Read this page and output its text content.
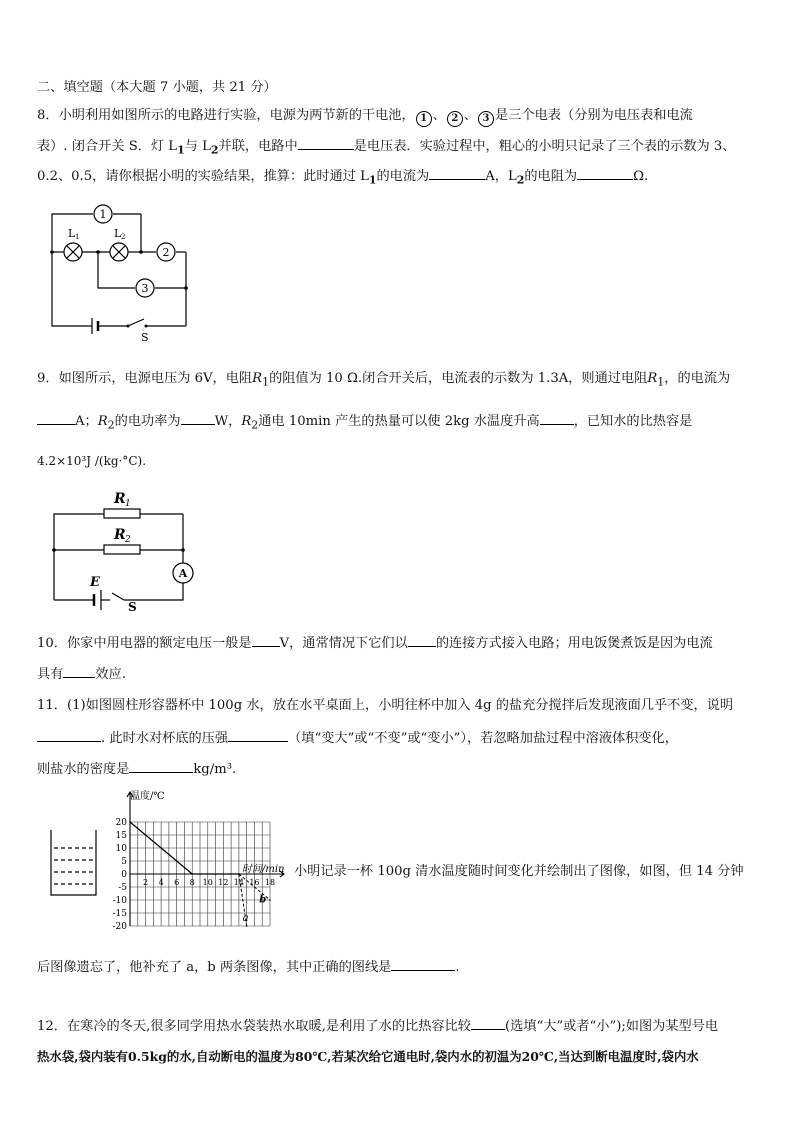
二、填空题（本大题 7 小题，共 21 分）
8．小明利用如图所示的电路进行实验，电源为两节新的干电池， 1 、 2 、 3 是三个电表（分别为电压表和电流
表）. 闭合开关 S．灯 $L_1$与 $L_2$并联，电路中	是电压表．实验过程中，粗心的小明只记录了三个表的示数为 3、
0.2、0.5，请你根据小明的实验结果，推算：此时通过 $L_1$的电流为	A，$L_2$的电阻为	Ω.
1
2
3
L 1	L 2
S
9．如图所示，电源电压为 6V，电阻$R_1$的阻值为 10 Ω.闭合开关后，电流表的示数为 1.3A，则通过电阻$R_1$，的电流为
A；$R_2$的电功率为	W，$R_2$通电 10min 产生的热量可以使 2kg 水温度升高	，已知水的比热容是
4.2×10³J /(kg·°C).
R 1
R 2
A
E
S
10．你家中用电器的额定电压一般是 V，通常情况下它们以 的连接方式接入电路；用电饭煲煮饭是因为电流
具有 效应.
11．(1)如图圆柱形容器杯中 100g 水，放在水平桌面上，小明往杯中加入 4g 的盐充分搅拌后发现液面几乎不变，说明
. 此时水对杯底的压强	（填“变大”或“不变”或“变小”），若忽略加盐过程中溶液体积变化，
则盐水的密度是	kg/m³.
20
15
10
5
0
-5
-10
-15
-20
2 4 6 8 10 12 14 16 18
温度/℃
时间/min
a
b
小明记录一杯 100g 清水温度随时间变化并绘制出了图像，如图，但 14 分钟
后图像遗忘了，他补充了 a，b 两条图像，其中正确的图线是	.
12．在寒冷的冬天,很多同学用热水袋装热水取暖,是利用了水的比热容比较	(选填“大”或者“小”);如图为某型号电
热水袋,袋内装有0.5kg的水,自动断电的温度为80℃,若某次给它通电时,袋内水的初温为20℃,当达到断电温度时,袋内水
